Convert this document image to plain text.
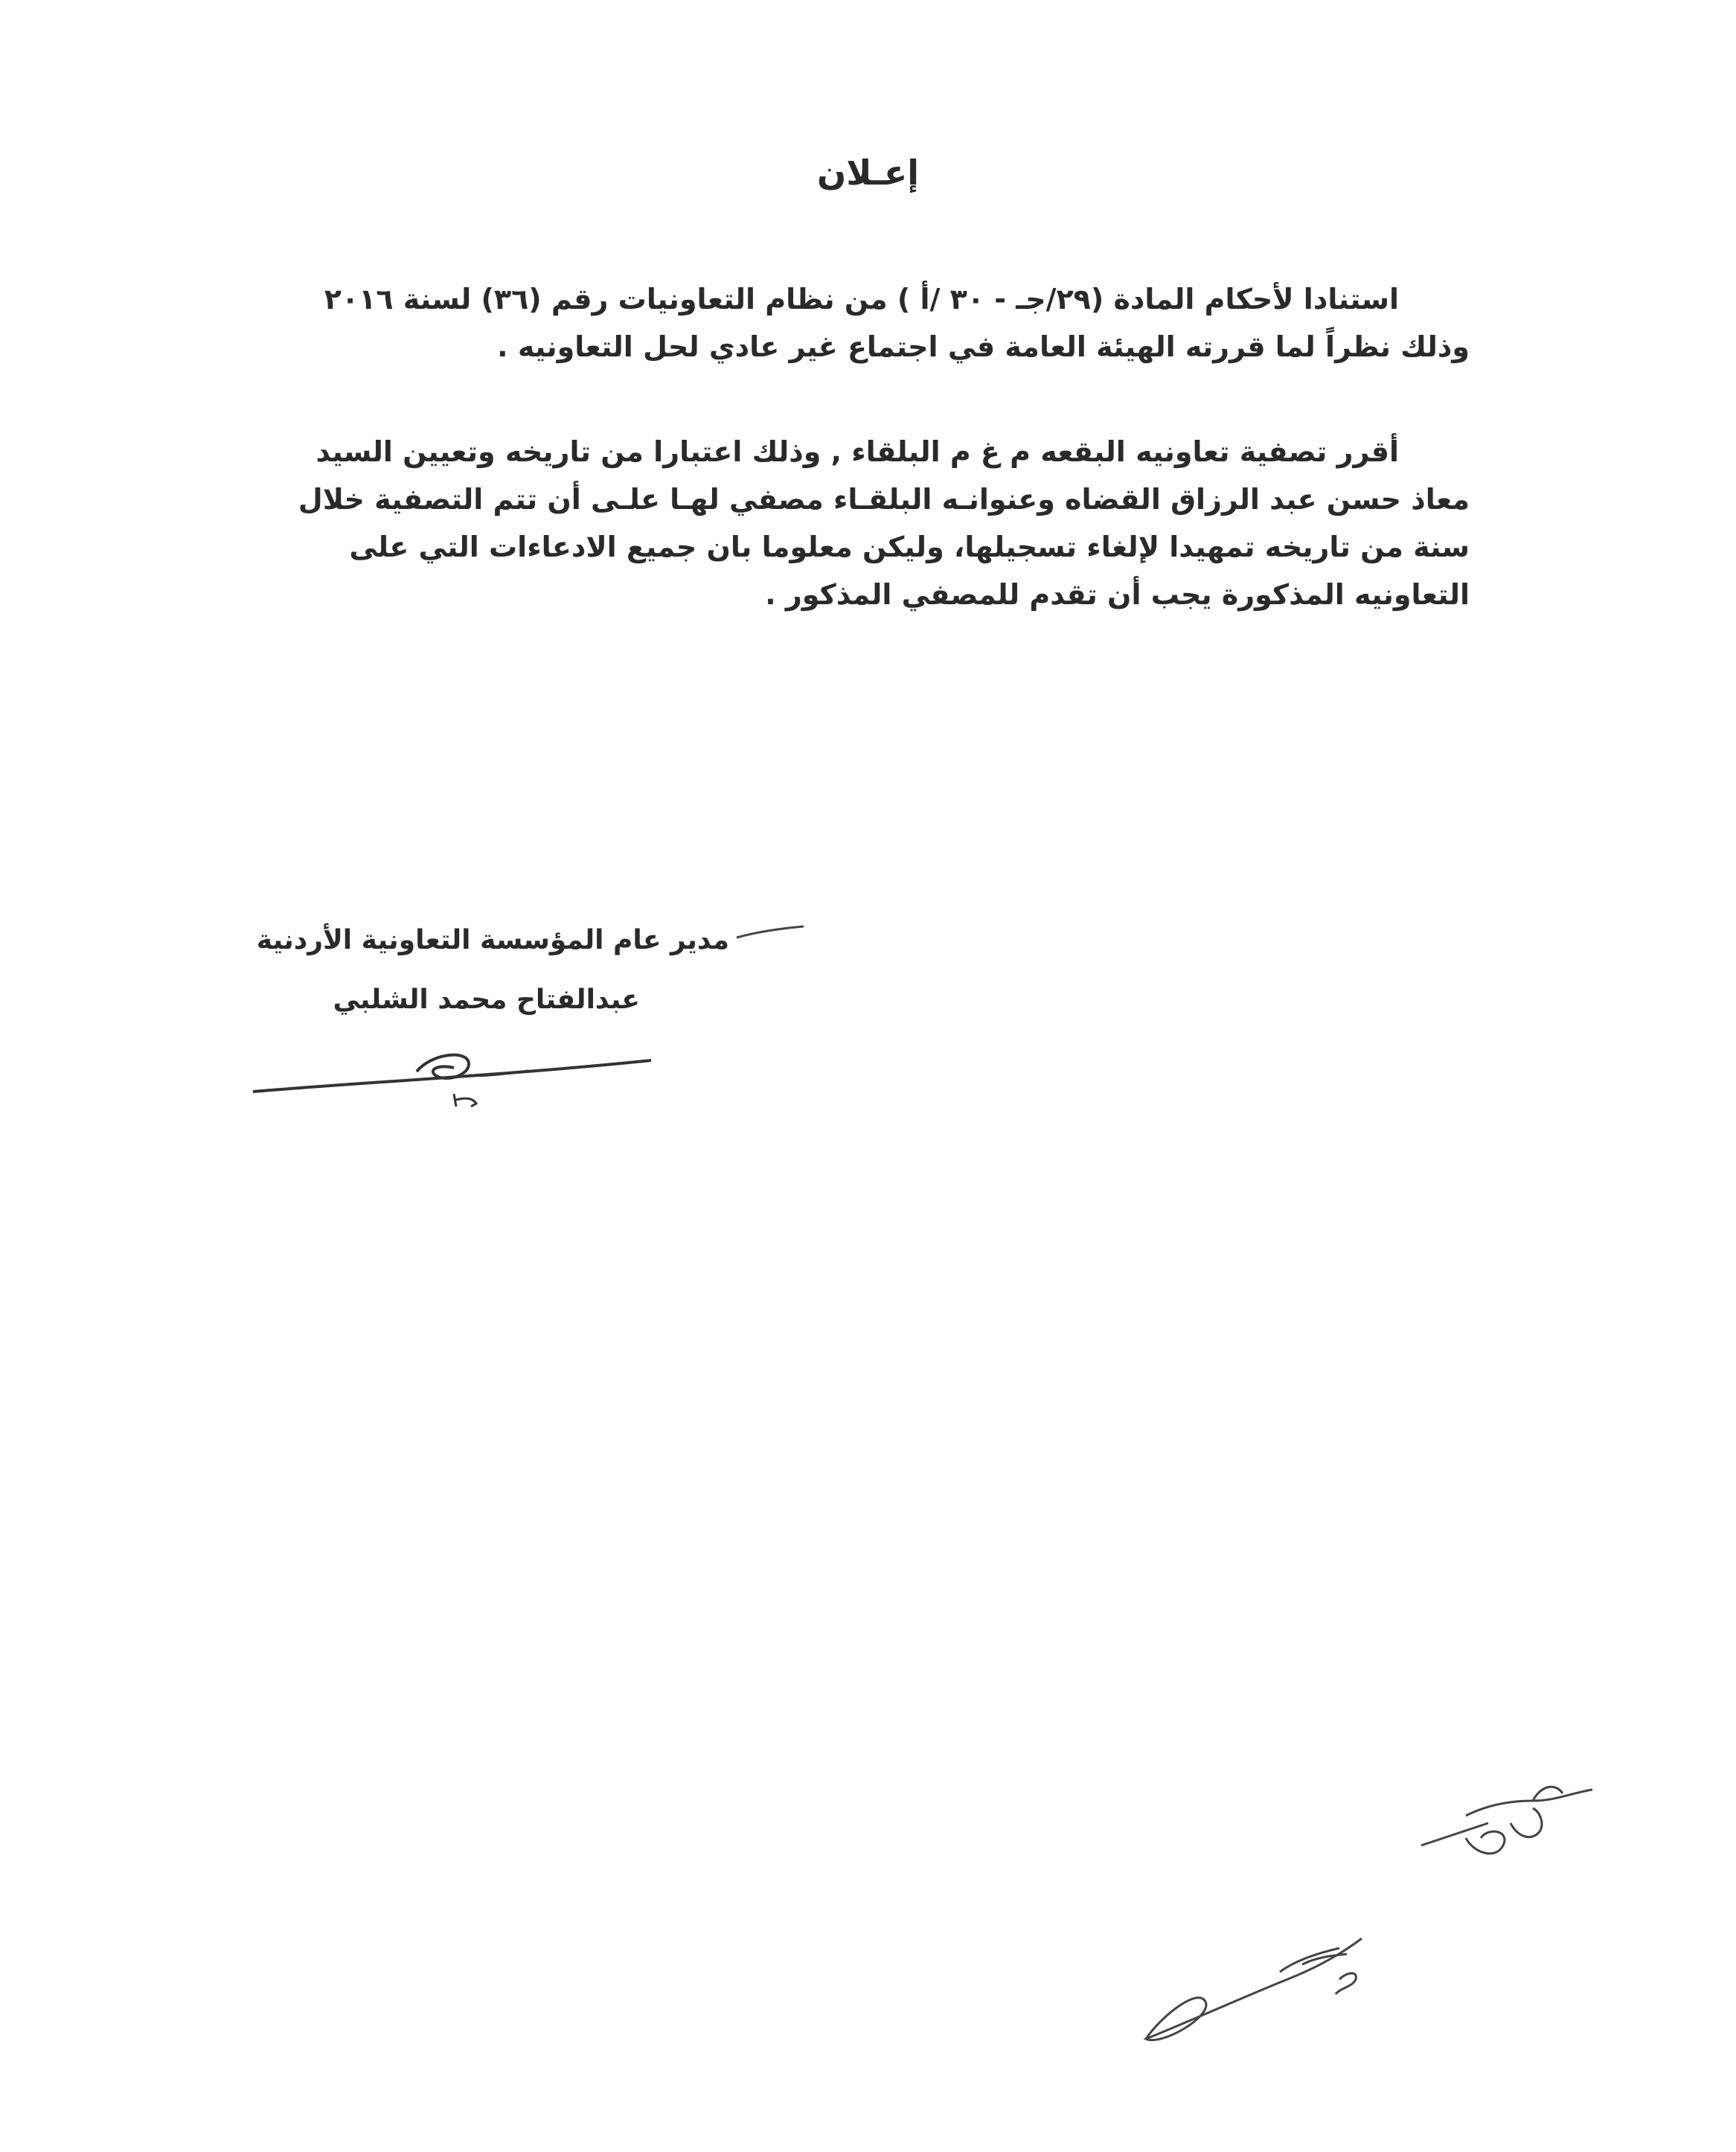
إعـلان
استنادا لأحكام المادة (٢٩/جـ - ٣٠ /أ ) من نظام التعاونيات رقم (٣٦) لسنة ٢٠١٦
وذلك نظراً لما قررته الهيئة العامة في اجتماع غير عادي لحل التعاونيه .
أقرر تصفية تعاونيه البقعه م غ م البلقاء , وذلك اعتبارا من تاريخه وتعيين السيد
معاذ حسن عبد الرزاق القضاه وعنوانـه البلقـاء مصفي لهـا علـى أن تتم التصفية خلال
سنة من تاريخه تمهيدا لإلغاء تسجيلها، وليكن معلوما بان جميع الادعاءات التي على
التعاونيه المذكورة يجب أن تقدم للمصفي المذكور .
مدير عام المؤسسة التعاونية الأردنية
عبدالفتاح محمد الشلبي
